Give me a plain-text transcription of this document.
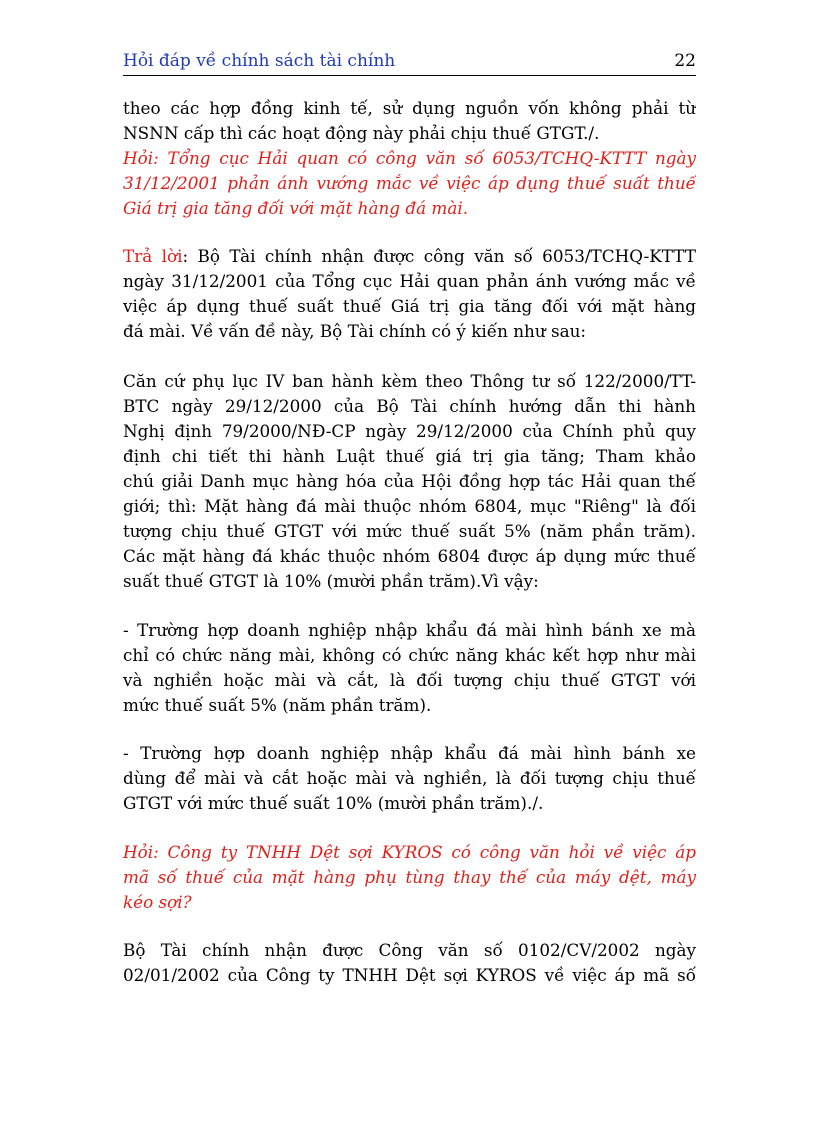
Hỏi đáp về chính sách tài chính	22
theo các hợp đồng kinh tế, sử dụng nguồn vốn không phải từ
NSNN cấp thì các hoạt động này phải chịu thuế GTGT./.
Hỏi: Tổng cục Hải quan có công văn số 6053/TCHQ-KTTT ngày
31/12/2001 phản ánh vướng mắc về việc áp dụng thuế suất thuế
Giá trị gia tăng đối với mặt hàng đá mài.
Trả lời: Bộ Tài chính nhận được công văn số 6053/TCHQ-KTTT
ngày 31/12/2001 của Tổng cục Hải quan phản ánh vướng mắc về
việc áp dụng thuế suất thuế Giá trị gia tăng đối với mặt hàng
đá mài. Về vấn đề này, Bộ Tài chính có ý kiến như sau:
Căn cứ phụ lục IV ban hành kèm theo Thông tư số 122/2000/TT-
BTC ngày 29/12/2000 của Bộ Tài chính hướng dẫn thi hành
Nghị định 79/2000/NĐ-CP ngày 29/12/2000 của Chính phủ quy
định chi tiết thi hành Luật thuế giá trị gia tăng; Tham khảo
chú giải Danh mục hàng hóa của Hội đồng hợp tác Hải quan thế
giới; thì: Mặt hàng đá mài thuộc nhóm 6804, mục "Riêng" là đối
tượng chịu thuế GTGT với mức thuế suất 5% (năm phần trăm).
Các mặt hàng đá khác thuộc nhóm 6804 được áp dụng mức thuế
suất thuế GTGT là 10% (mười phần trăm).Vì vậy:
- Trường hợp doanh nghiệp nhập khẩu đá mài hình bánh xe mà
chỉ có chức năng mài, không có chức năng khác kết hợp như mài
và nghiền hoặc mài và cắt, là đối tượng chịu thuế GTGT với
mức thuế suất 5% (năm phần trăm).
- Trường hợp doanh nghiệp nhập khẩu đá mài hình bánh xe
dùng để mài và cắt hoặc mài và nghiền, là đối tượng chịu thuế
GTGT với mức thuế suất 10% (mười phần trăm)./.
Hỏi: Công ty TNHH Dệt sợi KYROS có công văn hỏi về việc áp
mã số thuế của mặt hàng phụ tùng thay thế của máy dệt, máy
kéo sợi?
Bộ Tài chính nhận được Công văn số 0102/CV/2002 ngày
02/01/2002 của Công ty TNHH Dệt sợi KYROS về việc áp mã số
